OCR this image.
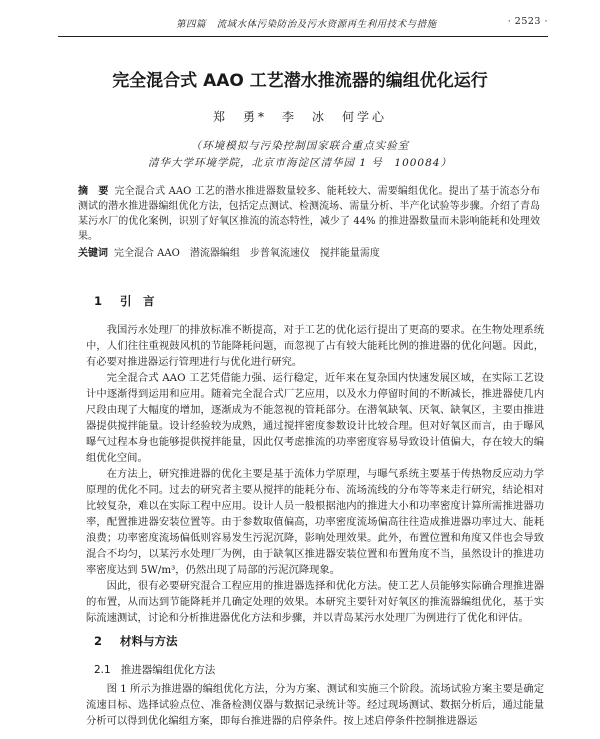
第四篇 流域水体污染防治及污水资源再生利用技术与措施	· 2523 ·
完全混合式 AAO 工艺潜水推流器的编组优化运行
郑　勇*　李　冰　何学心
（环境模拟与污染控制国家联合重点实验室
清华大学环境学院，北京市海淀区清华园 1 号　100084）
摘　要 完全混合式 AAO 工艺的潜水推进器数量较多、能耗较大、需要编组优化。提出了基于流态分布测试的潜水推进器编组优化方法，包括定点测试、检测流场、需量分析、半产化试验等步骤。介绍了青岛某污水厂的优化案例，识别了好氧区推流的流态特性，减少了 44% 的推进器数量而未影响能耗和处理效果。
关键词 完全混合 AAO　潜流器编组　步普氧流速仪　搅拌能量需度
1 引　言

我国污水处理厂的排放标准不断提高，对于工艺的优化运行提出了更高的要求。在生物处理系统中，人们往往重视鼓风机的节能降耗问题，而忽视了占有较大能耗比例的推进器的优化问题。因此，有必要对推进器运行管理进行与优化进行研究。

完全混合式 AAO 工艺凭借能力强、运行稳定，近年来在复杂国内快速发展区域，在实际工艺设计中逐渐得到运用和应用。随着完全混合式厂艺应用，以及水力停留时间的不断减长，推进器使几内尺段由现了大幅度的增加，逐渐成为不能忽视的管耗部分。在潜氧缺氧、厌氧、缺氧区，主要由推进器提供搅拌能量。设计经验较为成熟，通过搅拌密度参数设计比较合理。但对好氧区而言，由于曝风曝气过程本身也能够提供搅拌能量，因此仅考虑推流的功率密度容易导致设计值偏大，存在较大的编组优化空间。

在方法上，研究推进器的优化主要是基于流体力学原理，与曝气系统主要基于传热物反应动力学原理的优化不同。过去的研究者主要从搅拌的能耗分布、流场流线的分布等等来走行研究，结论相对比较复杂，难以在实际工程中应用。设计人员一般根据池内的推进大小和功率密度计算所需推进器功率，配置推进器安装位置等。由于参数取值偏高，功率密度流场偏高往往造成推进器功率过大、能耗浪费；功率密度流场偏低则容易发生污泥沉降，影响处理效果。此外，布置位置和角度又伴也会导致混合不均匀，以某污水处理厂为例，由于缺氧区推进器安装位置和布置角度不当，虽然设计的推进功率密度达到 5W/m³，仍然出现了局部的污泥沉降现象。

因此，很有必要研究混合工程应用的推进器选择和优化方法。使工艺人员能够实际确合理推进器的布置，从而达到节能降耗并几确定处理的效果。本研究主要针对好氧区的推流器编组优化，基于实际流速测试，讨论和分析推进器优化方法和步骤，并以青岛某污水处理厂为例进行了优化和评估。

2 材料与方法
2.1 推进器编组优化方法

图 1 所示为推进器的编组优化方法，分为方案、测试和实施三个阶段。流场试验方案主要是确定流速目标、选择试验点位、准备检测仪器与数据记录统计等。经过现场测试、数据分析后，通过能量分析可以得到优化编组方案，即每台推进器的启停条件。按上述启停条件控制推进器运
